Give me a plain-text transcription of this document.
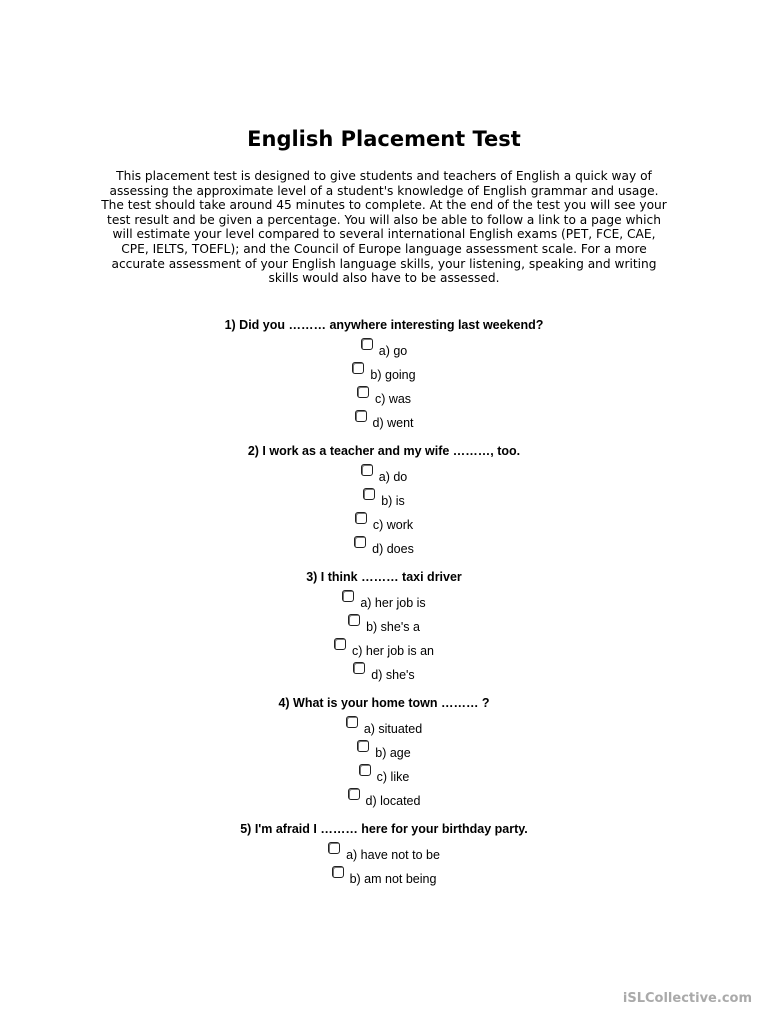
English Placement Test

This placement test is designed to give students and teachers of English a quick way of assessing the approximate level of a student's knowledge of English grammar and usage. The test should take around 45 minutes to complete. At the end of the test you will see your test result and be given a percentage. You will also be able to follow a link to a page which will estimate your level compared to several international English exams (PET, FCE, CAE, CPE, IELTS, TOEFL); and the Council of Europe language assessment scale. For a more accurate assessment of your English language skills, your listening, speaking and writing skills would also have to be assessed.

1) Did you ……… anywhere interesting last weekend?
a) go
b) going
c) was
d) went
2) I work as a teacher and my wife ………, too.
a) do
b) is
c) work
d) does
3) I think ……… taxi driver
a) her job is
b) she's a
c) her job is an
d) she's
4) What is your home town ……… ?
a) situated
b) age
c) like
d) located
5) I'm afraid I ……… here for your birthday party.
a) have not to be
b) am not being
iSLCollective.com
